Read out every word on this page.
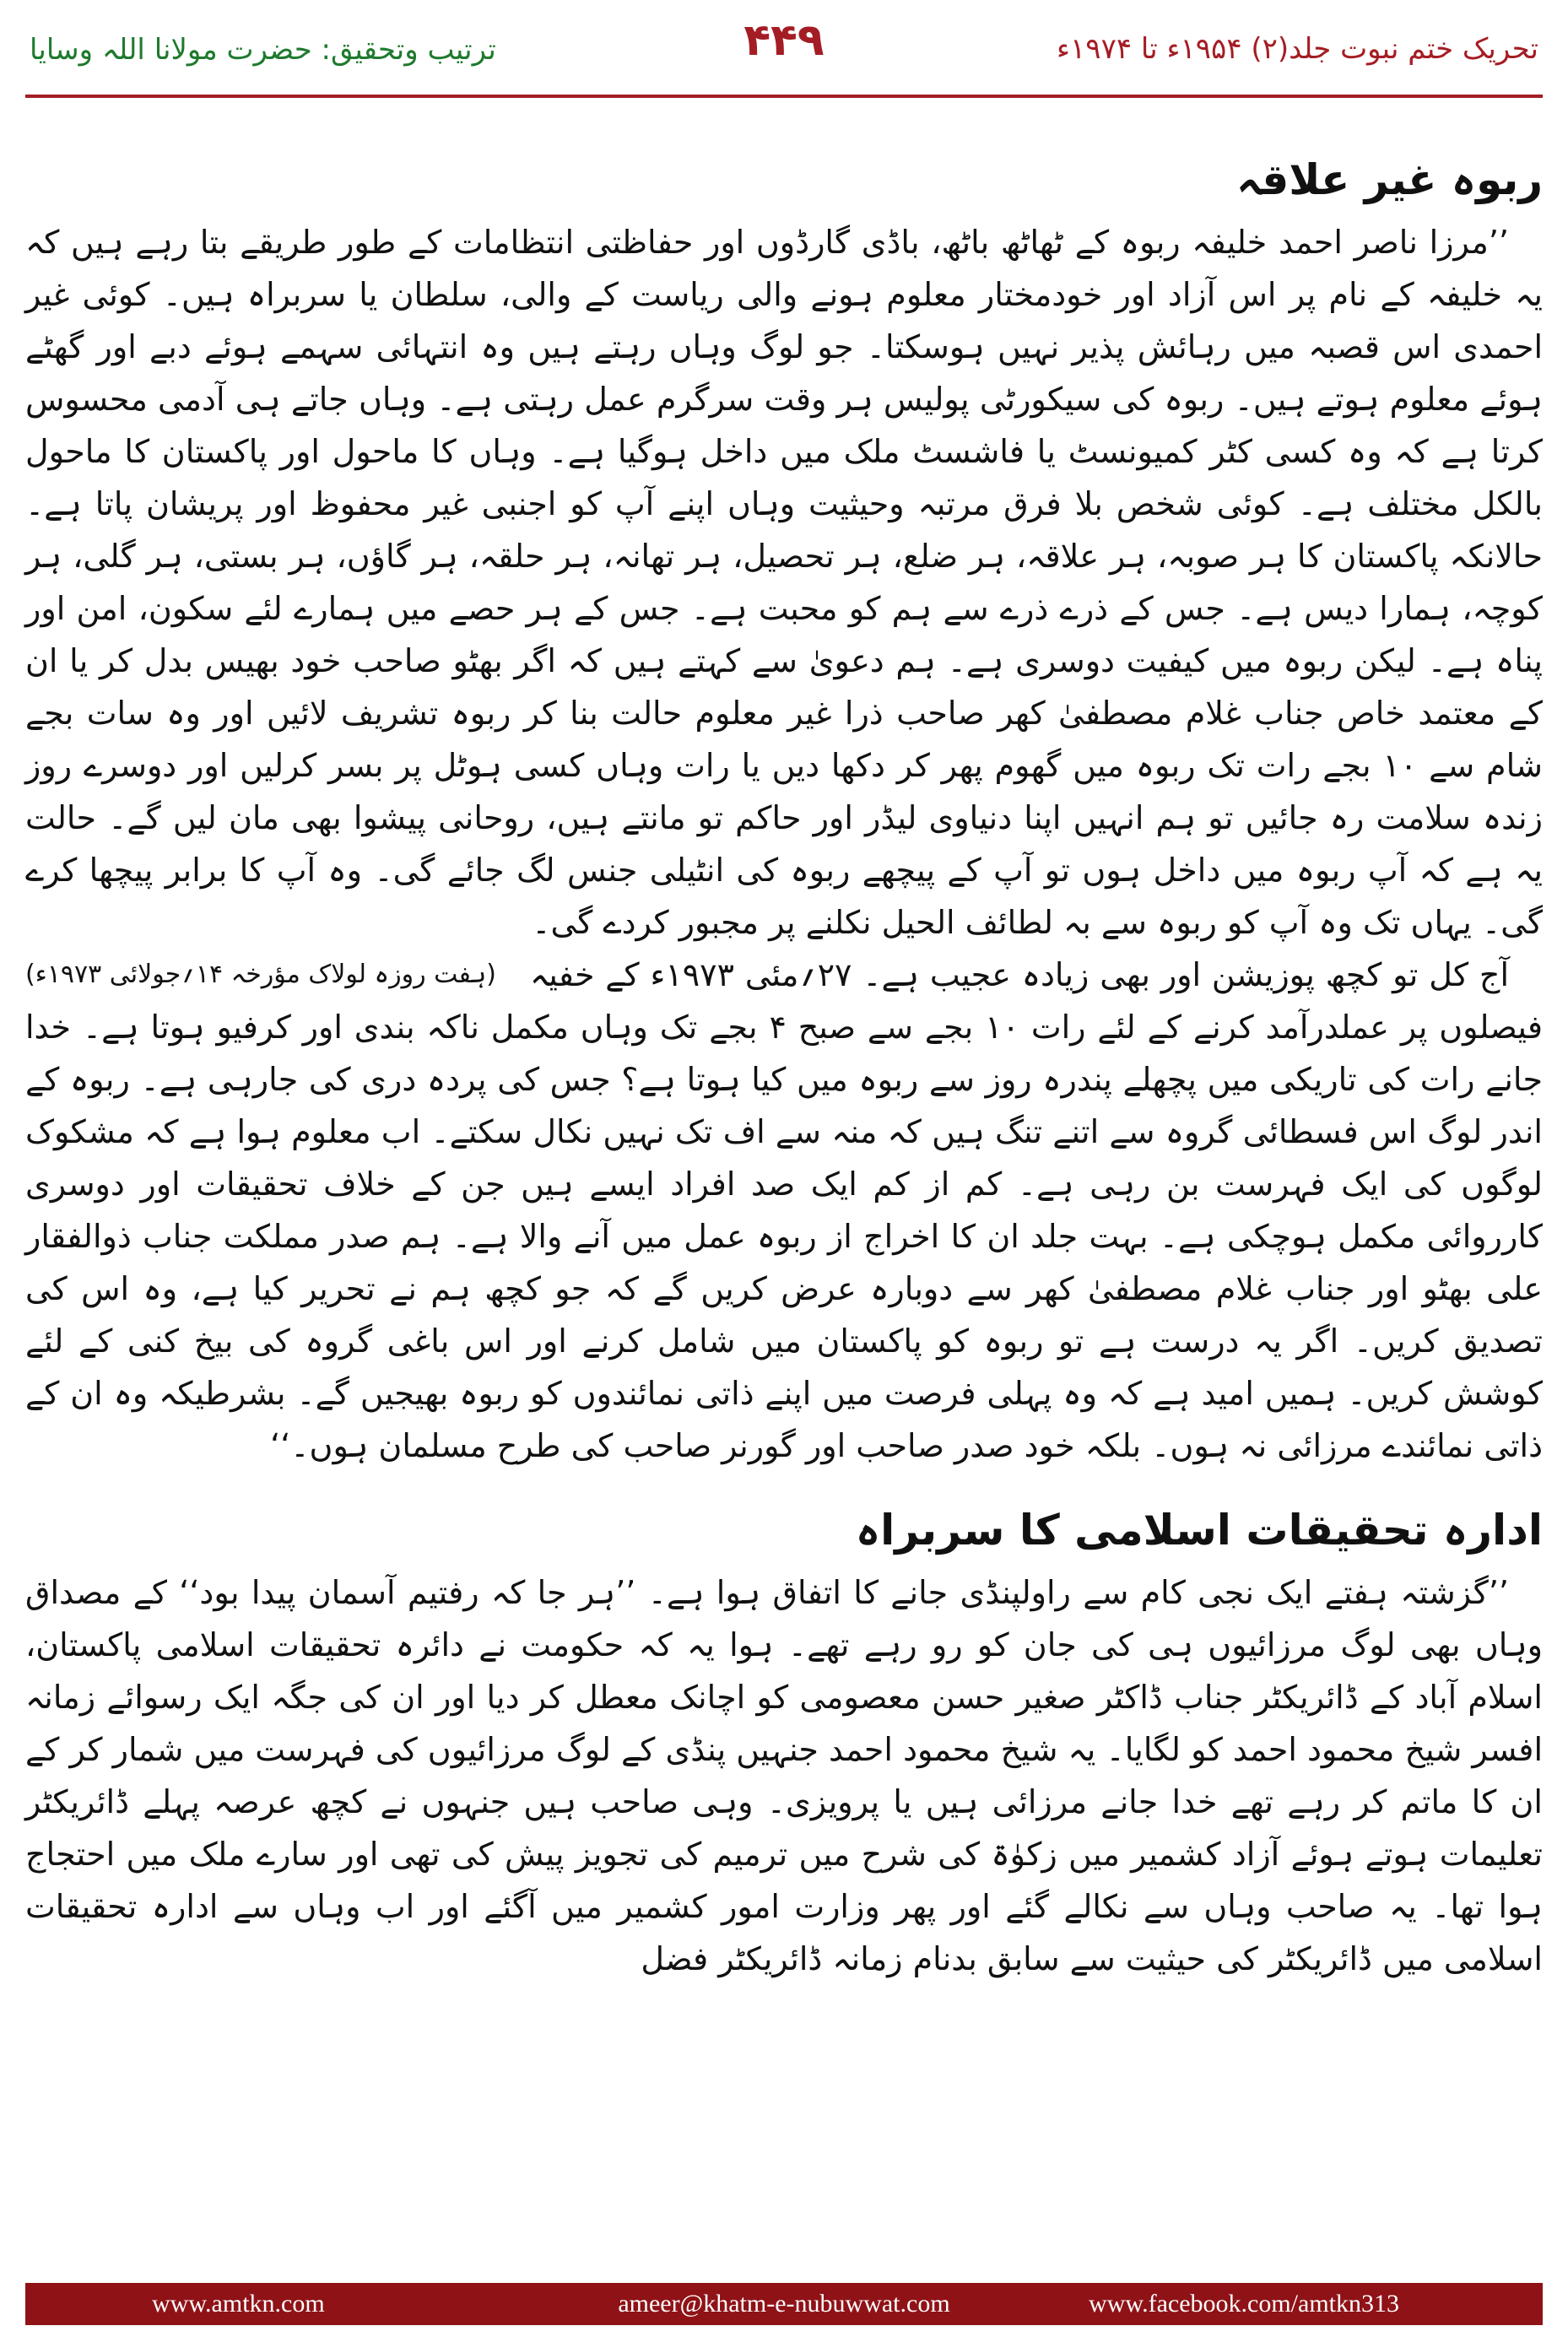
تحریک ختم نبوت جلد(۲) ۱۹۵۴ء تا ۱۹۷۴ء
۴۴۹
ترتیب وتحقیق: حضرت مولانا اللہ وسایا
ربوہ غیر علاقہ

’’مرزا ناصر احمد خلیفہ ربوہ کے ٹھاٹھ باٹھ، باڈی گارڈوں اور حفاظتی انتظامات کے طور طریقے بتا رہے ہیں کہ یہ خلیفہ کے نام پر اس آزاد اور خودمختار معلوم ہونے والی ریاست کے والی، سلطان یا سربراہ ہیں۔ کوئی غیر احمدی اس قصبہ میں رہائش پذیر نہیں ہوسکتا۔ جو لوگ وہاں رہتے ہیں وہ انتہائی سہمے ہوئے دبے اور گھٹے ہوئے معلوم ہوتے ہیں۔ ربوہ کی سیکورٹی پولیس ہر وقت سرگرم عمل رہتی ہے۔ وہاں جاتے ہی آدمی محسوس کرتا ہے کہ وہ کسی کٹر کمیونسٹ یا فاشسٹ ملک میں داخل ہوگیا ہے۔ وہاں کا ماحول اور پاکستان کا ماحول بالکل مختلف ہے۔ کوئی شخص بلا فرق مرتبہ وحیثیت وہاں اپنے آپ کو اجنبی غیر محفوظ اور پریشان پاتا ہے۔ حالانکہ پاکستان کا ہر صوبہ، ہر علاقہ، ہر ضلع، ہر تحصیل، ہر تھانہ، ہر حلقہ، ہر گاؤں، ہر بستی، ہر گلی، ہر کوچہ، ہمارا دیس ہے۔ جس کے ذرے ذرے سے ہم کو محبت ہے۔ جس کے ہر حصے میں ہمارے لئے سکون، امن اور پناہ ہے۔ لیکن ربوہ میں کیفیت دوسری ہے۔ ہم دعویٰ سے کہتے ہیں کہ اگر بھٹو صاحب خود بھیس بدل کر یا ان کے معتمد خاص جناب غلام مصطفیٰ کھر صاحب ذرا غیر معلوم حالت بنا کر ربوہ تشریف لائیں اور وہ سات بجے شام سے ۱۰ بجے رات تک ربوہ میں گھوم پھر کر دکھا دیں یا رات وہاں کسی ہوٹل پر بسر کرلیں اور دوسرے روز زندہ سلامت رہ جائیں تو ہم انہیں اپنا دنیاوی لیڈر اور حاکم تو مانتے ہیں، روحانی پیشوا بھی مان لیں گے۔ حالت یہ ہے کہ آپ ربوہ میں داخل ہوں تو آپ کے پیچھے ربوہ کی انٹیلی جنس لگ جائے گی۔ وہ آپ کا برابر پیچھا کرے گی۔ یہاں تک وہ آپ کو ربوہ سے بہ لطائف الحیل نکلنے پر مجبور کردے گی۔

(ہفت روزہ لولاک مؤرخہ ۱۴؍جولائی ۱۹۷۳ء)	آج کل تو کچھ پوزیشن اور بھی زیادہ عجیب ہے۔ ۲۷؍مئی ۱۹۷۳ء کے خفیہ فیصلوں پر عملدرآمد کرنے کے لئے رات ۱۰ بجے سے صبح ۴ بجے تک وہاں مکمل ناکہ بندی اور کرفیو ہوتا ہے۔ خدا جانے رات کی تاریکی میں پچھلے پندرہ روز سے ربوہ میں کیا ہوتا ہے؟ جس کی پردہ دری کی جارہی ہے۔ ربوہ کے اندر لوگ اس فسطائی گروہ سے اتنے تنگ ہیں کہ منہ سے اف تک نہیں نکال سکتے۔ اب معلوم ہوا ہے کہ مشکوک لوگوں کی ایک فہرست بن رہی ہے۔ کم از کم ایک صد افراد ایسے ہیں جن کے خلاف تحقیقات اور دوسری کارروائی مکمل ہوچکی ہے۔ بہت جلد ان کا اخراج از ربوہ عمل میں آنے والا ہے۔ ہم صدر مملکت جناب ذوالفقار علی بھٹو اور جناب غلام مصطفیٰ کھر سے دوبارہ عرض کریں گے کہ جو کچھ ہم نے تحریر کیا ہے، وہ اس کی تصدیق کریں۔ اگر یہ درست ہے تو ربوہ کو پاکستان میں شامل کرنے اور اس باغی گروہ کی بیخ کنی کے لئے کوشش کریں۔ ہمیں امید ہے کہ وہ پہلی فرصت میں اپنے ذاتی نمائندوں کو ربوہ بھیجیں گے۔ بشرطیکہ وہ ان کے ذاتی نمائندے مرزائی نہ ہوں۔ بلکہ خود صدر صاحب اور گورنر صاحب کی طرح مسلمان ہوں۔‘‘

ادارہ تحقیقات اسلامی کا سربراہ

’’گزشتہ ہفتے ایک نجی کام سے راولپنڈی جانے کا اتفاق ہوا ہے۔ ’’ہر جا کہ رفتیم آسمان پیدا بود‘‘ کے مصداق وہاں بھی لوگ مرزائیوں ہی کی جان کو رو رہے تھے۔ ہوا یہ کہ حکومت نے دائرہ تحقیقات اسلامی پاکستان، اسلام آباد کے ڈائریکٹر جناب ڈاکٹر صغیر حسن معصومی کو اچانک معطل کر دیا اور ان کی جگہ ایک رسوائے زمانہ افسر شیخ محمود احمد کو لگایا۔ یہ شیخ محمود احمد جنہیں پنڈی کے لوگ مرزائیوں کی فہرست میں شمار کر کے ان کا ماتم کر رہے تھے خدا جانے مرزائی ہیں یا پرویزی۔ وہی صاحب ہیں جنہوں نے کچھ عرصہ پہلے ڈائریکٹر تعلیمات ہوتے ہوئے آزاد کشمیر میں زکوٰۃ کی شرح میں ترمیم کی تجویز پیش کی تھی اور سارے ملک میں احتجاج ہوا تھا۔ یہ صاحب وہاں سے نکالے گئے اور پھر وزارت امور کشمیر میں آگئے اور اب وہاں سے ادارہ تحقیقات اسلامی میں ڈائریکٹر کی حیثیت سے سابق بدنام زمانہ ڈائریکٹر فضل

www.amtkn.com	ameer@khatm-e-nubuwwat.com	www.facebook.com/amtkn313
